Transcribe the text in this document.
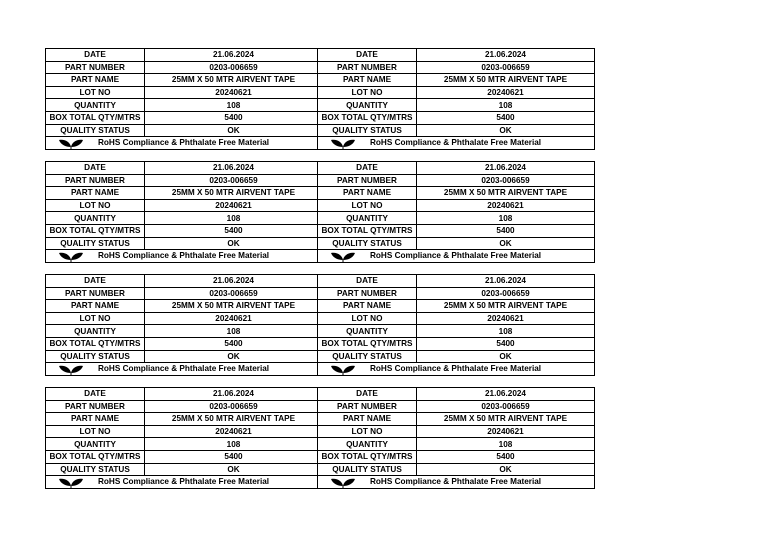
DATE	21.06.2024
PART NUMBER	0203-006659
PART NAME	25MM X 50 MTR AIRVENT TAPE
LOT NO	20240621
QUANTITY	108
BOX TOTAL QTY/MTRS	5400
QUALITY STATUS	OK
RoHS Compliance & Phthalate Free Material
DATE	21.06.2024
PART NUMBER	0203-006659
PART NAME	25MM X 50 MTR AIRVENT TAPE
LOT NO	20240621
QUANTITY	108
BOX TOTAL QTY/MTRS	5400
QUALITY STATUS	OK
RoHS Compliance & Phthalate Free Material
DATE	21.06.2024
PART NUMBER	0203-006659
PART NAME	25MM X 50 MTR AIRVENT TAPE
LOT NO	20240621
QUANTITY	108
BOX TOTAL QTY/MTRS	5400
QUALITY STATUS	OK
RoHS Compliance & Phthalate Free Material
DATE	21.06.2024
PART NUMBER	0203-006659
PART NAME	25MM X 50 MTR AIRVENT TAPE
LOT NO	20240621
QUANTITY	108
BOX TOTAL QTY/MTRS	5400
QUALITY STATUS	OK
RoHS Compliance & Phthalate Free Material
DATE	21.06.2024
PART NUMBER	0203-006659
PART NAME	25MM X 50 MTR AIRVENT TAPE
LOT NO	20240621
QUANTITY	108
BOX TOTAL QTY/MTRS	5400
QUALITY STATUS	OK
RoHS Compliance & Phthalate Free Material
DATE	21.06.2024
PART NUMBER	0203-006659
PART NAME	25MM X 50 MTR AIRVENT TAPE
LOT NO	20240621
QUANTITY	108
BOX TOTAL QTY/MTRS	5400
QUALITY STATUS	OK
RoHS Compliance & Phthalate Free Material
DATE	21.06.2024
PART NUMBER	0203-006659
PART NAME	25MM X 50 MTR AIRVENT TAPE
LOT NO	20240621
QUANTITY	108
BOX TOTAL QTY/MTRS	5400
QUALITY STATUS	OK
RoHS Compliance & Phthalate Free Material
DATE	21.06.2024
PART NUMBER	0203-006659
PART NAME	25MM X 50 MTR AIRVENT TAPE
LOT NO	20240621
QUANTITY	108
BOX TOTAL QTY/MTRS	5400
QUALITY STATUS	OK
RoHS Compliance & Phthalate Free Material
